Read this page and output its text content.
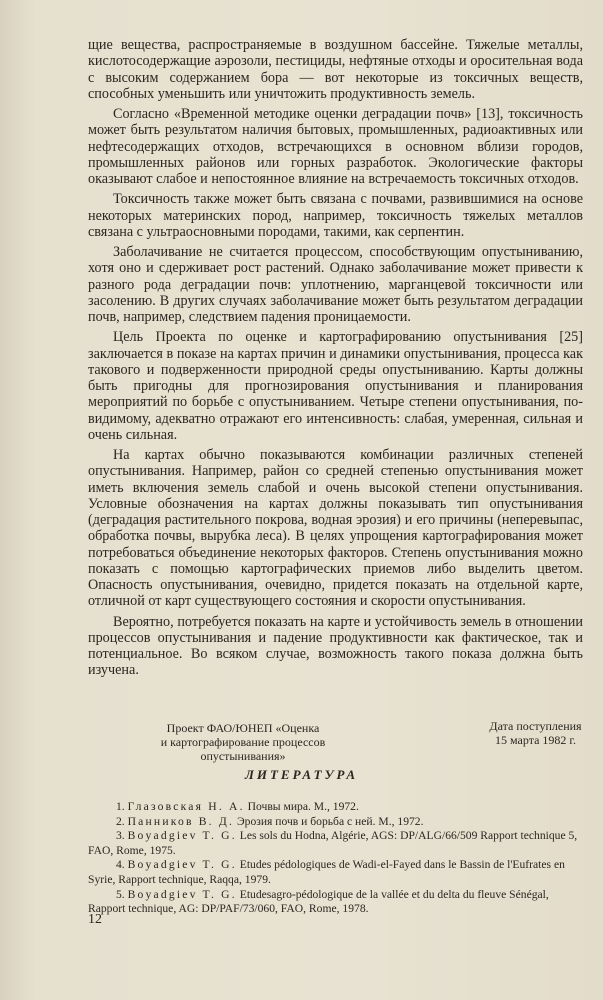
щие вещества, распространяемые в воздушном бассейне. Тяжелые металлы, кислотосодержащие аэрозоли, пестициды, нефтяные отходы и оросительная вода с высоким содержанием бора — вот некоторые из токсичных веществ, способных уменьшить или уничтожить продуктивность земель.

Согласно «Временной методике оценки деградации почв» [13], токсичность может быть результатом наличия бытовых, промышленных, радиоактивных или нефтесодержащих отходов, встречающихся в основном вблизи городов, промышленных районов или горных разработок. Экологические факторы оказывают слабое и непостоянное влияние на встречаемость токсичных отходов.

Токсичность также может быть связана с почвами, развившимися на основе некоторых материнских пород, например, токсичность тяжелых металлов связана с ультраосновными породами, такими, как серпентин.

Заболачивание не считается процессом, способствующим опустыниванию, хотя оно и сдерживает рост растений. Однако заболачивание может привести к разного рода деградации почв: уплотнению, марганцевой токсичности или засолению. В других случаях заболачивание может быть результатом деградации почв, например, следствием падения проницаемости.

Цель Проекта по оценке и картографированию опустынивания [25] заключается в показе на картах причин и динамики опустынивания, процесса как такового и подверженности природной среды опустыниванию. Карты должны быть пригодны для прогнозирования опустынивания и планирования мероприятий по борьбе с опустыниванием. Четыре степени опустынивания, по-видимому, адекватно отражают его интенсивность: слабая, умеренная, сильная и очень сильная.

На картах обычно показываются комбинации различных степеней опустынивания. Например, район со средней степенью опустынивания может иметь включения земель слабой и очень высокой степени опустынивания. Условные обозначения на картах должны показывать тип опустынивания (деградация растительного покрова, водная эрозия) и его причины (неперевыпас, обработка почвы, вырубка леса). В целях упрощения картографирования может потребоваться объединение некоторых факторов. Степень опустынивания можно показать с помощью картографических приемов либо выделить цветом. Опасность опустынивания, очевидно, придется показать на отдельной карте, отличной от карт существующего состояния и скорости опустынивания.

Вероятно, потребуется показать на карте и устойчивость земель в отношении процессов опустынивания и падение продуктивности как фактическое, так и потенциальное. Во всяком случае, возможность такого показа должна быть изучена.

Проект ФАО/ЮНЕП «Оценка
и картографирование процессов опустынивания»
Дата поступления
15 марта 1982 г.
ЛИТЕРАТУРА
1. Глазовская Н. А. Почвы мира. М., 1972.
2. Панников В. Д. Эрозия почв и борьба с ней. М., 1972.
3. Boyadgiev T. G. Les sols du Hodna, Algérie, AGS: DP/ALG/66/509 Rapport technique 5, FAO, Rome, 1975.
4. Boyadgiev T. G. Etudes pédologiques de Wadi-el-Fayed dans le Bassin de l'Eufrates en Syrie, Rapport technique, Raqqa, 1979.
5. Boyadgiev T. G. Etudesagro-pédologique de la vallée et du delta du fleuve Sénégal, Rapport technique, AG: DP/PAF/73/060, FAO, Rome, 1978.
12
